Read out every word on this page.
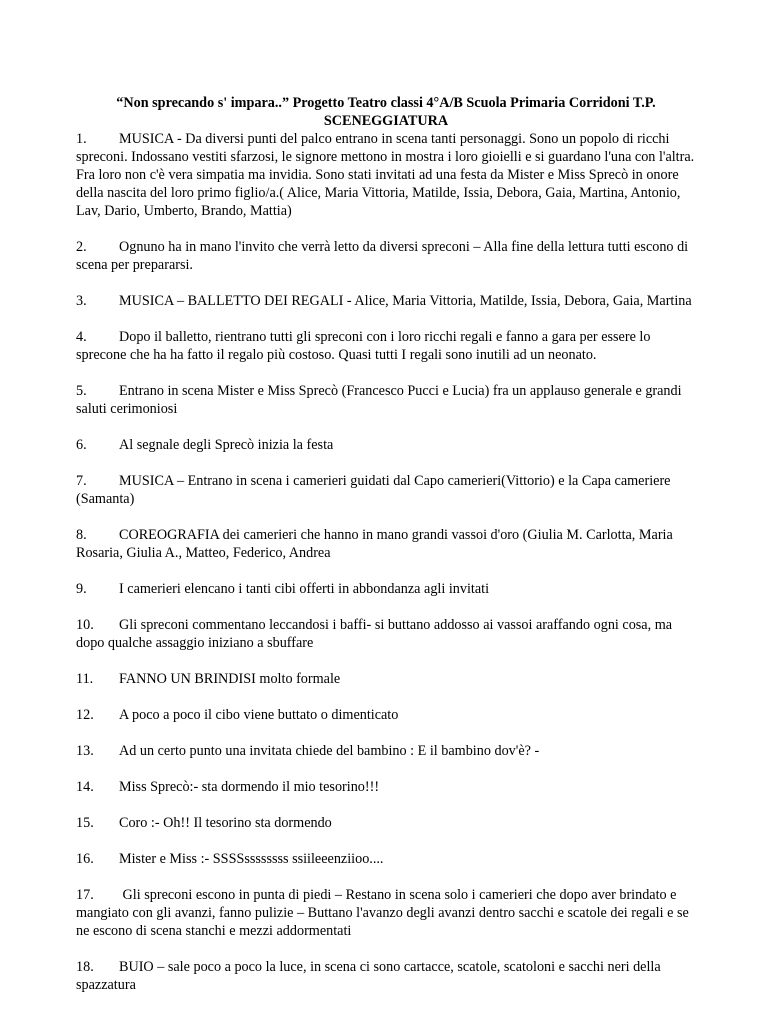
“Non sprecando s' impara..” Progetto Teatro classi 4°A/B Scuola Primaria Corridoni T.P.

SCENEGGIATURA

1. MUSICA - Da diversi punti del palco entrano in scena tanti personaggi. Sono un popolo di ricchi spreconi. Indossano vestiti sfarzosi, le signore mettono in mostra i loro gioielli e si guardano l'una con l'altra. Fra loro non c'è vera simpatia ma invidia. Sono stati invitati ad una festa da Mister e Miss Sprecò in onore della nascita del loro primo figlio/a.( Alice, Maria Vittoria, Matilde, Issia, Debora, Gaia, Martina, Antonio, Lav, Dario, Umberto, Brando, Mattia)

2. Ognuno ha in mano l'invito che verrà letto da diversi spreconi – Alla fine della lettura tutti escono di scena per prepararsi.

3. MUSICA – BALLETTO DEI REGALI - Alice, Maria Vittoria, Matilde, Issia, Debora, Gaia, Martina

4. Dopo il balletto, rientrano tutti gli spreconi con i loro ricchi regali e fanno a gara per essere lo sprecone che ha ha fatto il regalo più costoso. Quasi tutti I regali sono inutili ad un neonato.

5. Entrano in scena Mister e Miss Sprecò (Francesco Pucci e Lucia) fra un applauso generale e grandi saluti cerimoniosi

6. Al segnale degli Sprecò inizia la festa

7. MUSICA – Entrano in scena i camerieri guidati dal Capo camerieri(Vittorio) e la Capa cameriere (Samanta)

8. COREOGRAFIA dei camerieri che hanno in mano grandi vassoi d'oro (Giulia M. Carlotta, Maria Rosaria, Giulia A., Matteo, Federico, Andrea

9. I camerieri elencano i tanti cibi offerti in abbondanza agli invitati

10. Gli spreconi commentano leccandosi i baffi- si buttano addosso ai vassoi araffando ogni cosa, ma dopo qualche assaggio iniziano a sbuffare

11. FANNO UN BRINDISI molto formale

12. A poco a poco il cibo viene buttato o dimenticato

13. Ad un certo punto una invitata chiede del bambino : E il bambino dov'è? -

14. Miss Sprecò:- sta dormendo il mio tesorino!!!

15. Coro :- Oh!! Il tesorino sta dormendo

16. Mister e Miss :- SSSSssssssss ssiileeenziioo....

17. Gli spreconi escono in punta di piedi – Restano in scena solo i camerieri che dopo aver brindato e mangiato con gli avanzi, fanno pulizie – Buttano l'avanzo degli avanzi dentro sacchi e scatole dei regali e se ne escono di scena stanchi e mezzi addormentati

18. BUIO – sale poco a poco la luce, in scena ci sono cartacce, scatole, scatoloni e sacchi neri della spazzatura
